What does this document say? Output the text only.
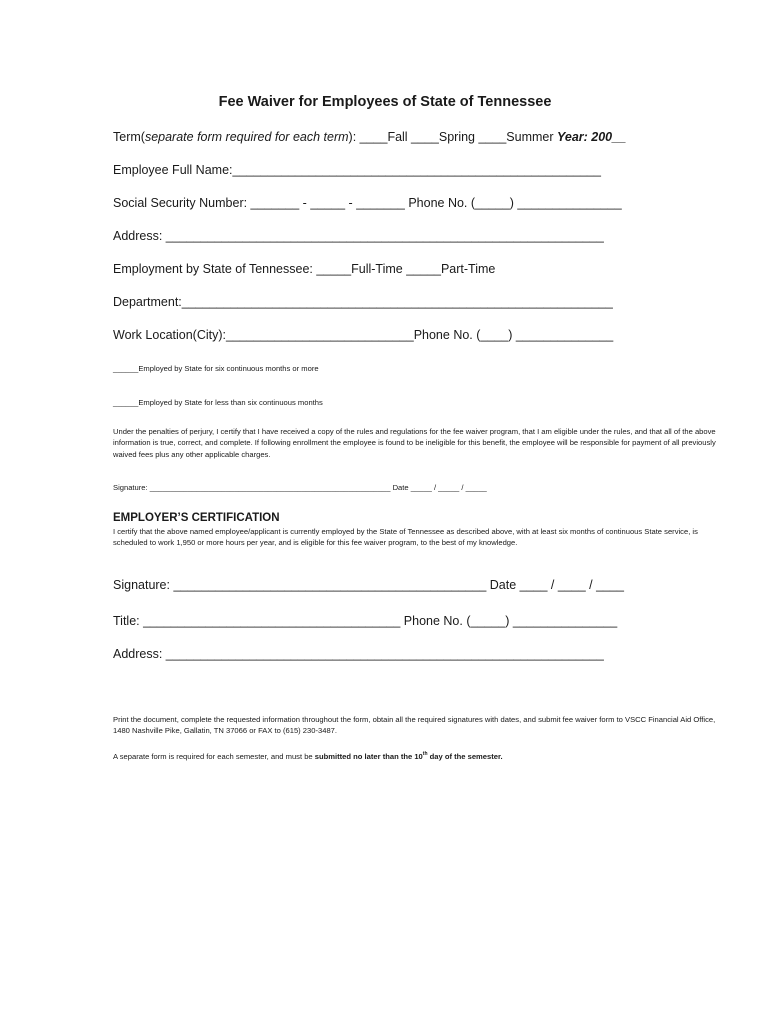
Fee Waiver for Employees of State of Tennessee
Term(separate form required for each term): ____Fall ____Spring ____Summer Year: 200__
Employee Full Name:_____________________________________________________
Social Security Number: _______ - _____ - _______ Phone No. (_____) _______________
Address: _______________________________________________________________
Employment by State of Tennessee: _____Full-Time _____Part-Time
Department:______________________________________________________________
Work Location(City):___________________________Phone No. (____) ______________
______Employed by State for six continuous months or more
______Employed by State for less than six continuous months
Under the penalties of perjury, I certify that I have received a copy of the rules and regulations for the fee waiver program, that I am eligible under the rules, and that all of the above information is true, correct, and complete. If following enrollment the employee is found to be ineligible for this benefit, the employee will be responsible for payment of all previously waived fees plus any other applicable charges.
Signature: _________________________________________________________ Date _____ / _____ / _____
EMPLOYER’S CERTIFICATION
I certify that the above named employee/applicant is currently employed by the State of Tennessee as described above, with at least six months of continuous State service, is scheduled to work 1,950 or more hours per year, and is eligible for this fee waiver program, to the best of my knowledge.
Signature: _____________________________________________ Date ____ / ____ / ____
Title: _____________________________________ Phone No. (_____) _______________
Address: _______________________________________________________________
Print the document, complete the requested information throughout the form, obtain all the required signatures with dates, and submit fee waiver form to VSCC Financial Aid Office, 1480 Nashville Pike, Gallatin, TN 37066 or FAX to (615) 230-3487.
A separate form is required for each semester, and must be submitted no later than the 10th day of the semester.
